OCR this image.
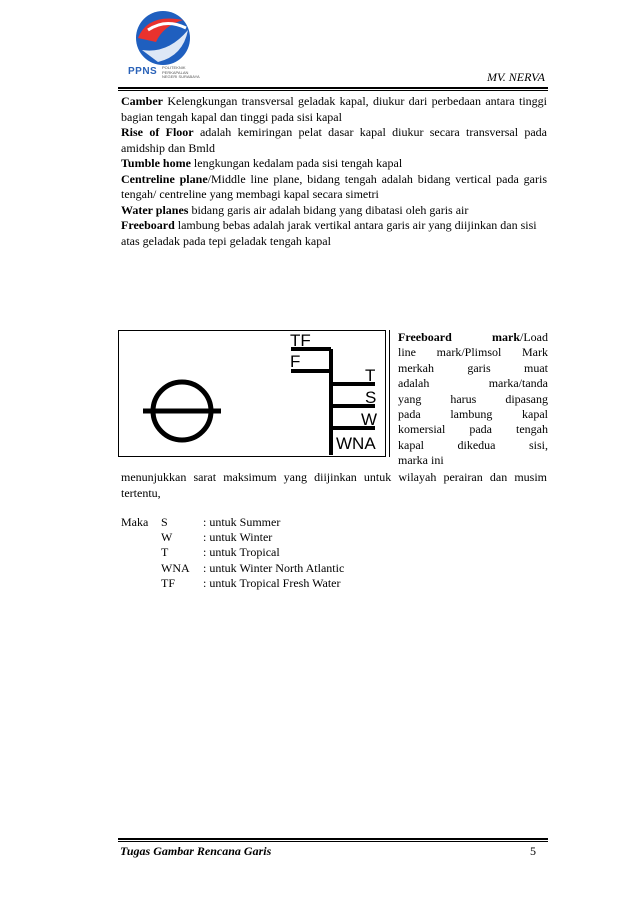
PPNS POLITEKNIK PERKAPALAN NEGERI SURABAYA	MV. NERVA

Camber Kelengkungan transversal geladak kapal, diukur dari perbedaan antara tinggi bagian tengah kapal dan tinggi pada sisi kapal

Rise of Floor adalah kemiringan pelat dasar kapal diukur secara transversal pada amidship dan Bmld

Tumble home lengkungan kedalam pada sisi tengah kapal

Centreline plane/Middle line plane, bidang tengah adalah bidang vertical pada garis tengah/ centreline yang membagi kapal secara simetri

Water planes bidang garis air adalah bidang yang dibatasi oleh garis air

Freeboard lambung bebas adalah jarak vertikal antara garis air yang diijinkan dan sisi atas geladak pada tepi geladak tengah kapal

TF
F
T
S
W
WNA

Freeboard mark/Load

line mark/Plimsol Mark

merkah garis muat

adalah marka/tanda

yang harus dipasang

pada lambung kapal

komersial pada tengah

kapal dikedua sisi,

marka ini

menunjukkan sarat maksimum yang diijinkan untuk wilayah perairan dan musim tertentu,

Maka	S	: untuk Summer
W	: untuk Winter
T	: untuk Tropical
WNA	: untuk Winter North Atlantic
TF	: untuk Tropical Fresh Water
Tugas Gambar Rencana Garis	5
